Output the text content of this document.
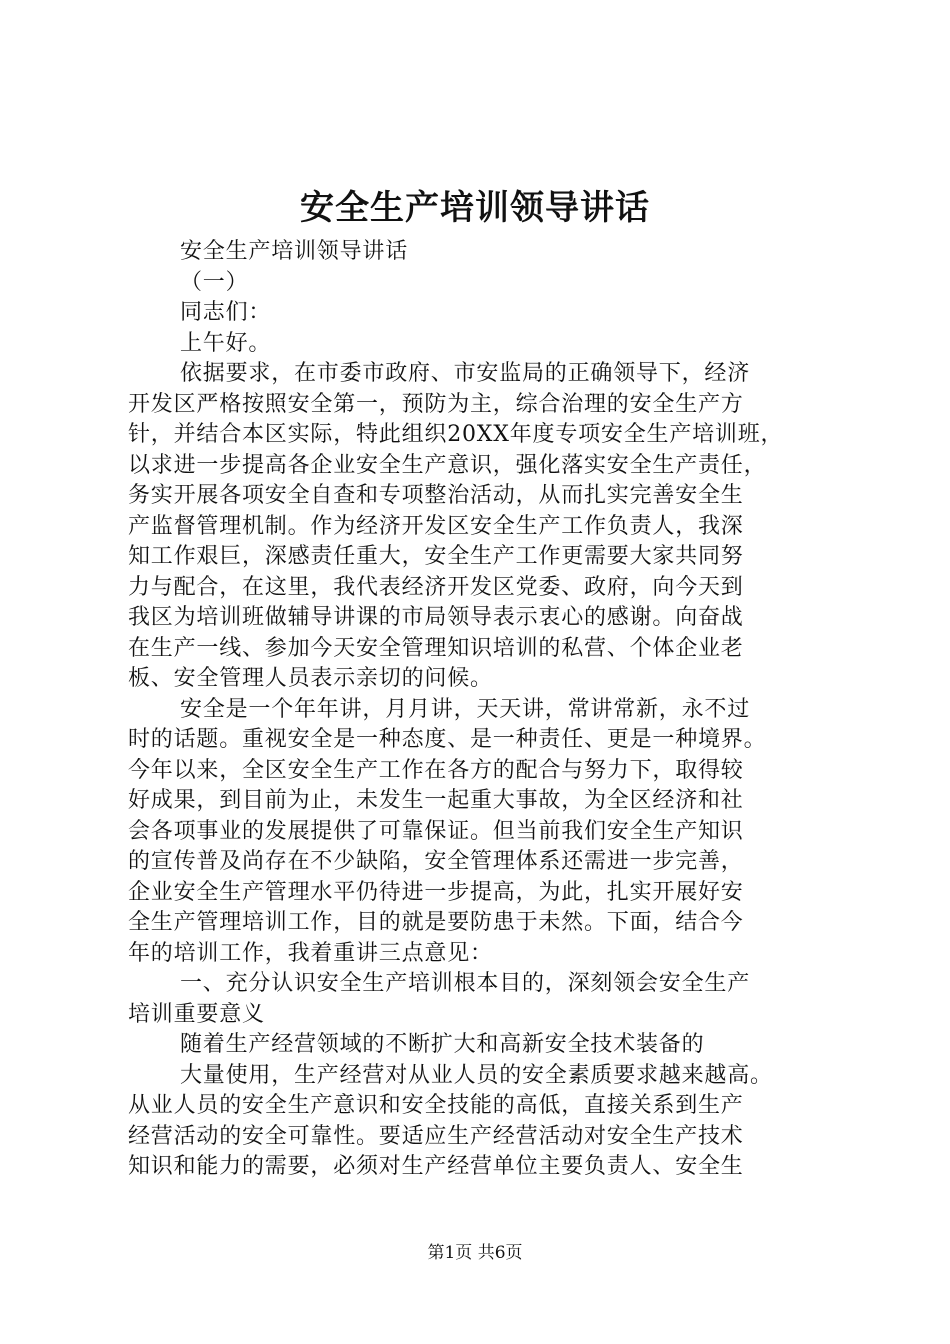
安全生产培训领导讲话
安全生产培训领导讲话
（一）
同志们：
上午好。
依据要求，在市委市政府、市安监局的正确领导下，经济
开发区严格按照安全第一，预防为主，综合治理的安全生产方
针，并结合本区实际，特此组织20XX年度专项安全生产培训班，
以求进一步提高各企业安全生产意识，强化落实安全生产责任，
务实开展各项安全自查和专项整治活动，从而扎实完善安全生
产监督管理机制。作为经济开发区安全生产工作负责人，我深
知工作艰巨，深感责任重大，安全生产工作更需要大家共同努
力与配合，在这里，我代表经济开发区党委、政府，向今天到
我区为培训班做辅导讲课的市局领导表示衷心的感谢。向奋战
在生产一线、参加今天安全管理知识培训的私营、个体企业老
板、安全管理人员表示亲切的问候。
安全是一个年年讲，月月讲，天天讲，常讲常新，永不过
时的话题。重视安全是一种态度、是一种责任、更是一种境界。
今年以来，全区安全生产工作在各方的配合与努力下，取得较
好成果，到目前为止，未发生一起重大事故，为全区经济和社
会各项事业的发展提供了可靠保证。但当前我们安全生产知识
的宣传普及尚存在不少缺陷，安全管理体系还需进一步完善，
企业安全生产管理水平仍待进一步提高，为此，扎实开展好安
全生产管理培训工作，目的就是要防患于未然。下面，结合今
年的培训工作，我着重讲三点意见：
一、充分认识安全生产培训根本目的，深刻领会安全生产
培训重要意义
随着生产经营领域的不断扩大和高新安全技术装备的
大量使用，生产经营对从业人员的安全素质要求越来越高。
从业人员的安全生产意识和安全技能的高低，直接关系到生产
经营活动的安全可靠性。要适应生产经营活动对安全生产技术
知识和能力的需要，必须对生产经营单位主要负责人、安全生
第1页 共6页
